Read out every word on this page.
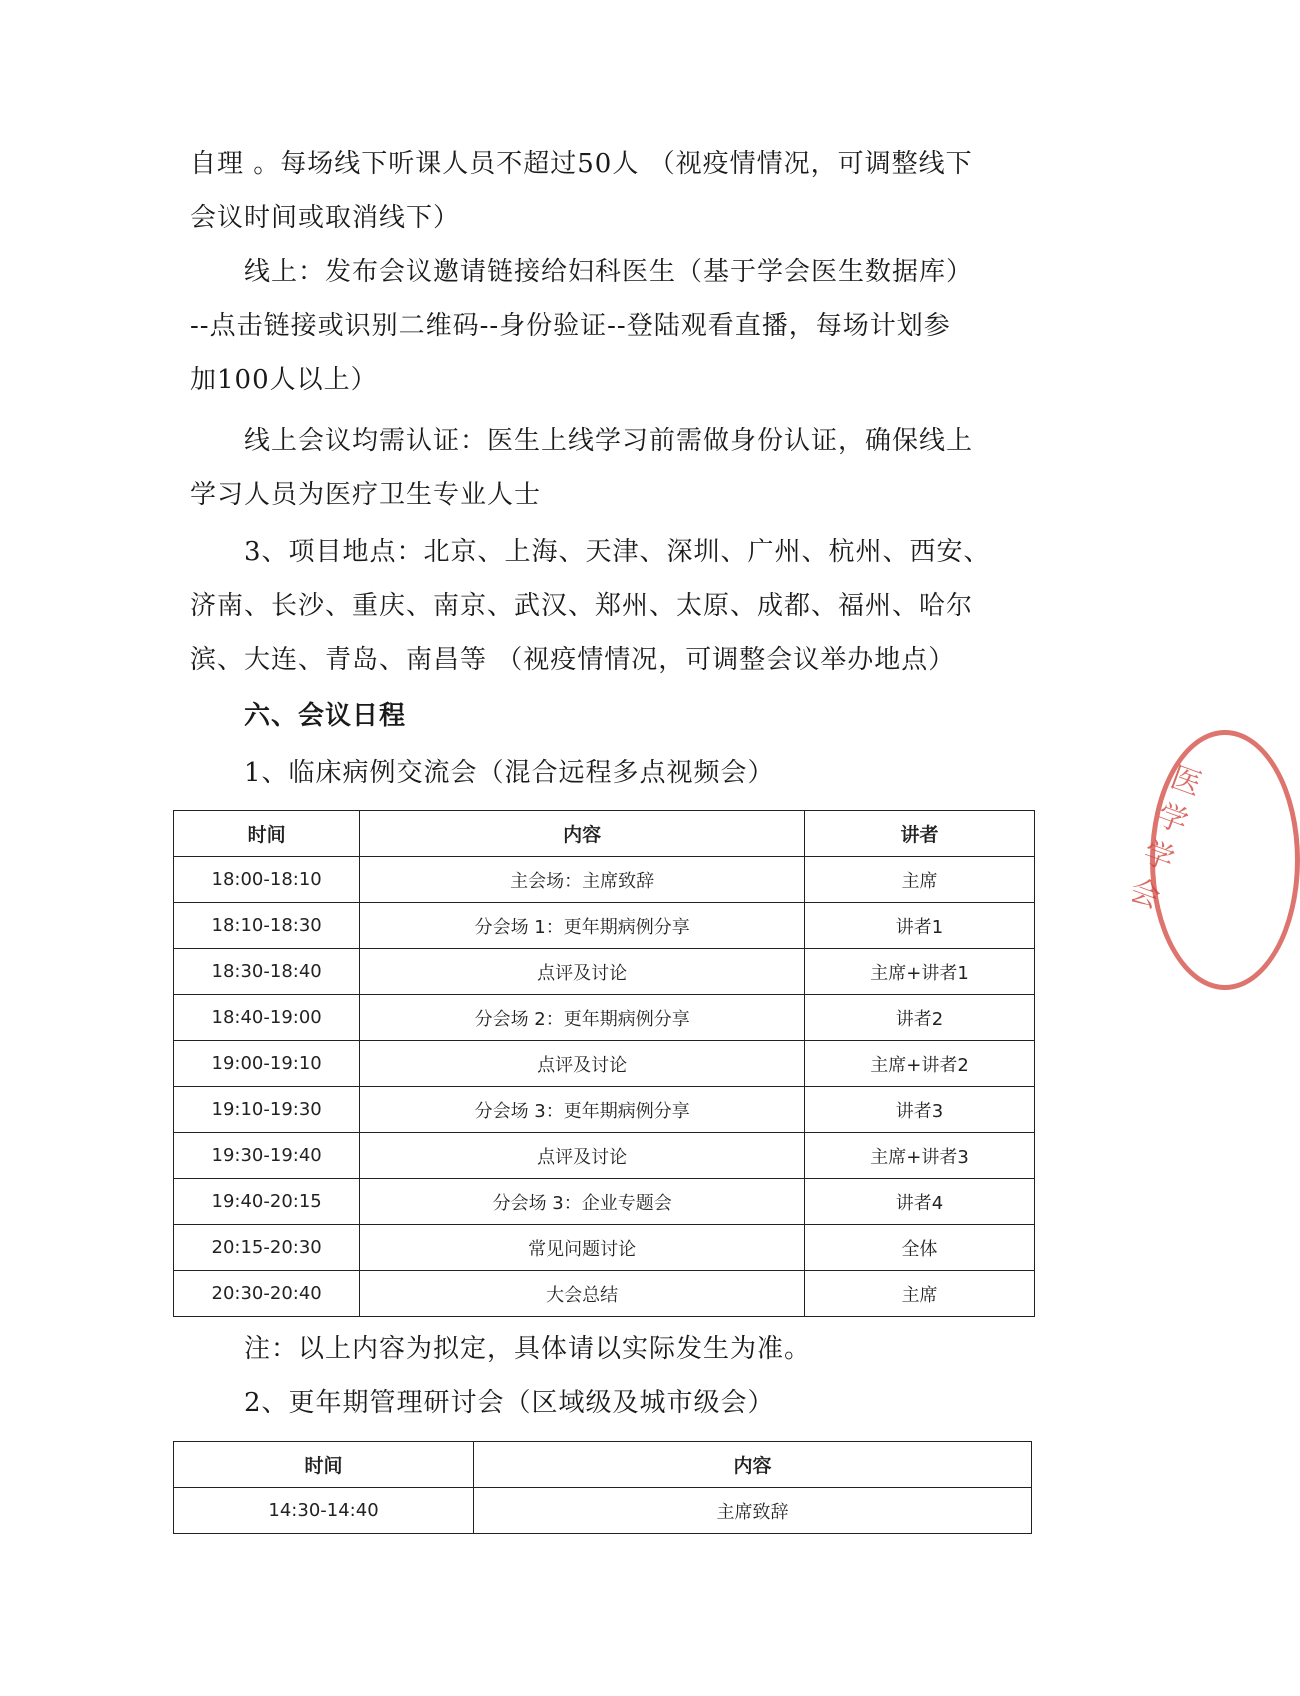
自理 。每场线下听课人员不超过50人 （视疫情情况，可调整线下
会议时间或取消线下）
线上：发布会议邀请链接给妇科医生（基于学会医生数据库）
--点击链接或识别二维码--身份验证--登陆观看直播，每场计划参
加100人以上）
线上会议均需认证：医生上线学习前需做身份认证，确保线上
学习人员为医疗卫生专业人士
3、项目地点：北京、上海、天津、深圳、广州、杭州、西安、
济南、长沙、重庆、南京、武汉、郑州、太原、成都、福州、哈尔
滨、大连、青岛、南昌等 （视疫情情况，可调整会议举办地点）
六、会议日程
1、临床病例交流会（混合远程多点视频会）
时间	内容	讲者
18:00-18:10	主会场：主席致辞	主席
18:10-18:30	分会场 1：更年期病例分享	讲者1
18:30-18:40	点评及讨论	主席+讲者1
18:40-19:00	分会场 2：更年期病例分享	讲者2
19:00-19:10	点评及讨论	主席+讲者2
19:10-19:30	分会场 3：更年期病例分享	讲者3
19:30-19:40	点评及讨论	主席+讲者3
19:40-20:15	分会场 3：企业专题会	讲者4
20:15-20:30	常见问题讨论	全体
20:30-20:40	大会总结	主席
注：以上内容为拟定，具体请以实际发生为准。
2、更年期管理研讨会（区域级及城市级会）
时间	内容
14:30-14:40	主席致辞
医学学会
